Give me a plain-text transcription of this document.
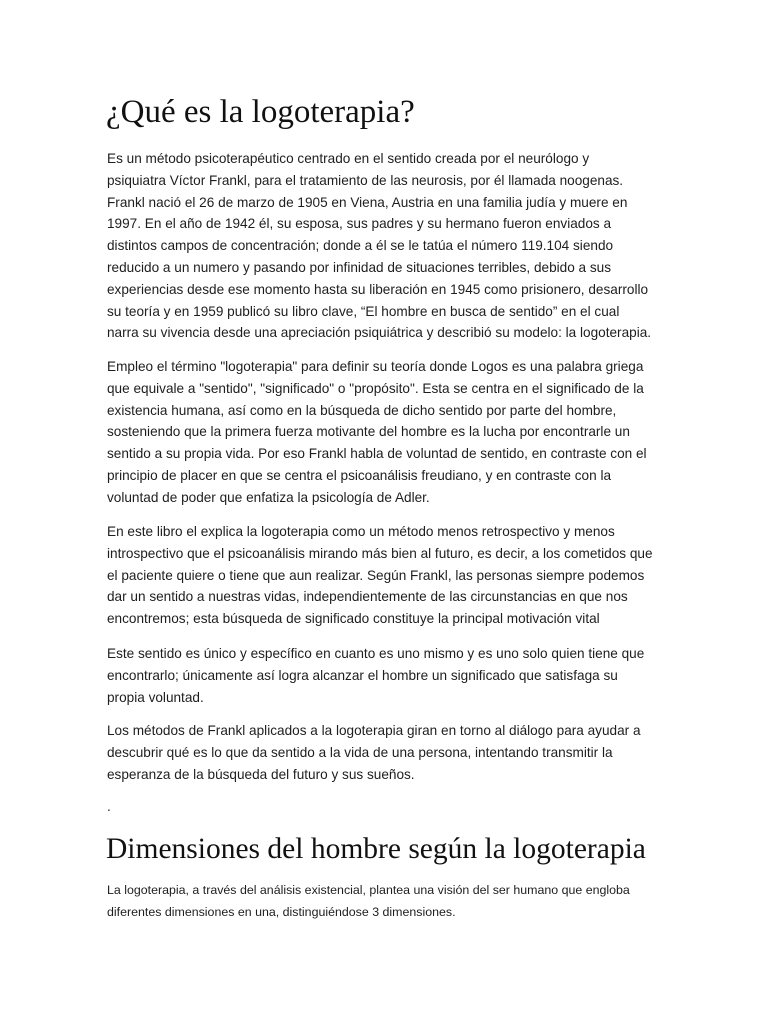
¿Qué es la logoterapia?
Es un método psicoterapéutico centrado en el sentido creada por el neurólogo y
psiquiatra Víctor Frankl, para el tratamiento de las neurosis, por él llamada noogenas.
Frankl nació el 26 de marzo de 1905 en Viena, Austria en una familia judía y muere en
1997. En el año de 1942 él, su esposa, sus padres y su hermano fueron enviados a
distintos campos de concentración; donde a él se le tatúa el número 119.104 siendo
reducido a un numero y pasando por infinidad de situaciones terribles, debido a sus
experiencias desde ese momento hasta su liberación en 1945 como prisionero, desarrollo
su teoría y en 1959 publicó su libro clave, “El hombre en busca de sentido” en el cual
narra su vivencia desde una apreciación psiquiátrica y describió su modelo: la logoterapia.
Empleo el término "logoterapia" para definir su teoría donde Logos es una palabra griega
que equivale a "sentido", "significado" o "propósito". Esta se centra en el significado de la
existencia humana, así como en la búsqueda de dicho sentido por parte del hombre,
sosteniendo que la primera fuerza motivante del hombre es la lucha por encontrarle un
sentido a su propia vida. Por eso Frankl habla de voluntad de sentido, en contraste con el
principio de placer en que se centra el psicoanálisis freudiano, y en contraste con la
voluntad de poder que enfatiza la psicología de Adler.
En este libro el explica la logoterapia como un método menos retrospectivo y menos
introspectivo que el psicoanálisis mirando más bien al futuro, es decir, a los cometidos que
el paciente quiere o tiene que aun realizar. Según Frankl, las personas siempre podemos
dar un sentido a nuestras vidas, independientemente de las circunstancias en que nos
encontremos; esta búsqueda de significado constituye la principal motivación vital
Este sentido es único y específico en cuanto es uno mismo y es uno solo quien tiene que
encontrarlo; únicamente así logra alcanzar el hombre un significado que satisfaga su
propia voluntad.
Los métodos de Frankl aplicados a la logoterapia giran en torno al diálogo para ayudar a
descubrir qué es lo que da sentido a la vida de una persona, intentando transmitir la
esperanza de la búsqueda del futuro y sus sueños.
.
Dimensiones del hombre según la logoterapia
La logoterapia, a través del análisis existencial, plantea una visión del ser humano que engloba
diferentes dimensiones en una, distinguiéndose 3 dimensiones.
